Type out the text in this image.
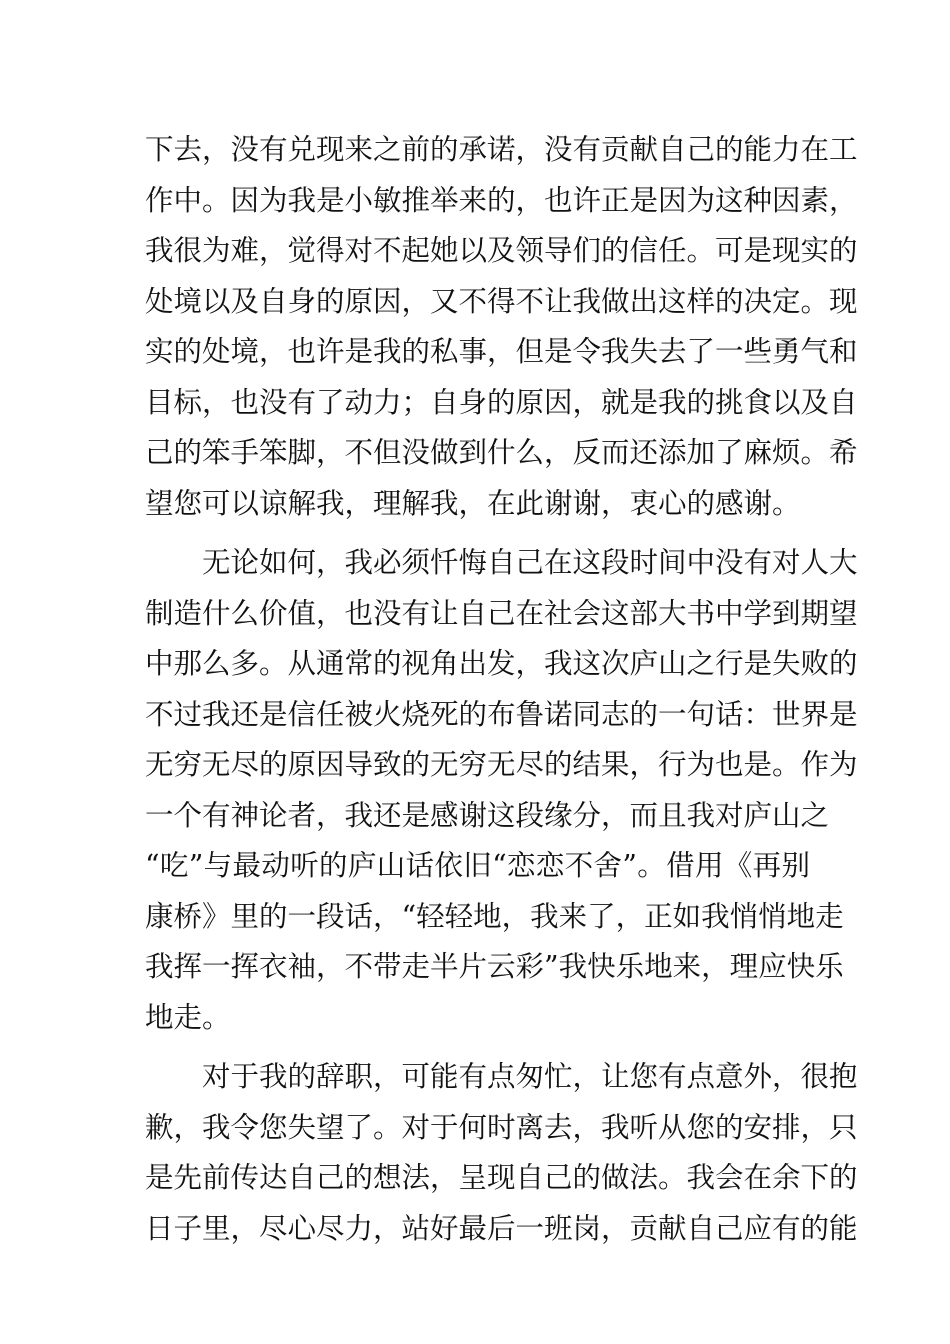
下去，没有兑现来之前的承诺，没有贡献自己的能力在工
作中。因为我是小敏推举来的，也许正是因为这种因素，
我很为难，觉得对不起她以及领导们的信任。可是现实的
处境以及自身的原因，又不得不让我做出这样的决定。现
实的处境，也许是我的私事，但是令我失去了一些勇气和
目标，也没有了动力；自身的原因，就是我的挑食以及自
己的笨手笨脚，不但没做到什么，反而还添加了麻烦。希
望您可以谅解我，理解我，在此谢谢，衷心的感谢。
无论如何，我必须忏悔自己在这段时间中没有对人大
制造什么价值，也没有让自己在社会这部大书中学到期望
中那么多。从通常的视角出发，我这次庐山之行是失败的
不过我还是信任被火烧死的布鲁诺同志的一句话：世界是
无穷无尽的原因导致的无穷无尽的结果，行为也是。作为
一个有神论者，我还是感谢这段缘分，而且我对庐山之
“吃”与最动听的庐山话依旧“恋恋不舍”。借用《再别
康桥》里的一段话，“轻轻地，我来了，正如我悄悄地走
我挥一挥衣袖，不带走半片云彩”我快乐地来，理应快乐
地走。
对于我的辞职，可能有点匆忙，让您有点意外，很抱
歉，我令您失望了。对于何时离去，我听从您的安排，只
是先前传达自己的想法，呈现自己的做法。我会在余下的
日子里，尽心尽力，站好最后一班岗，贡献自己应有的能
